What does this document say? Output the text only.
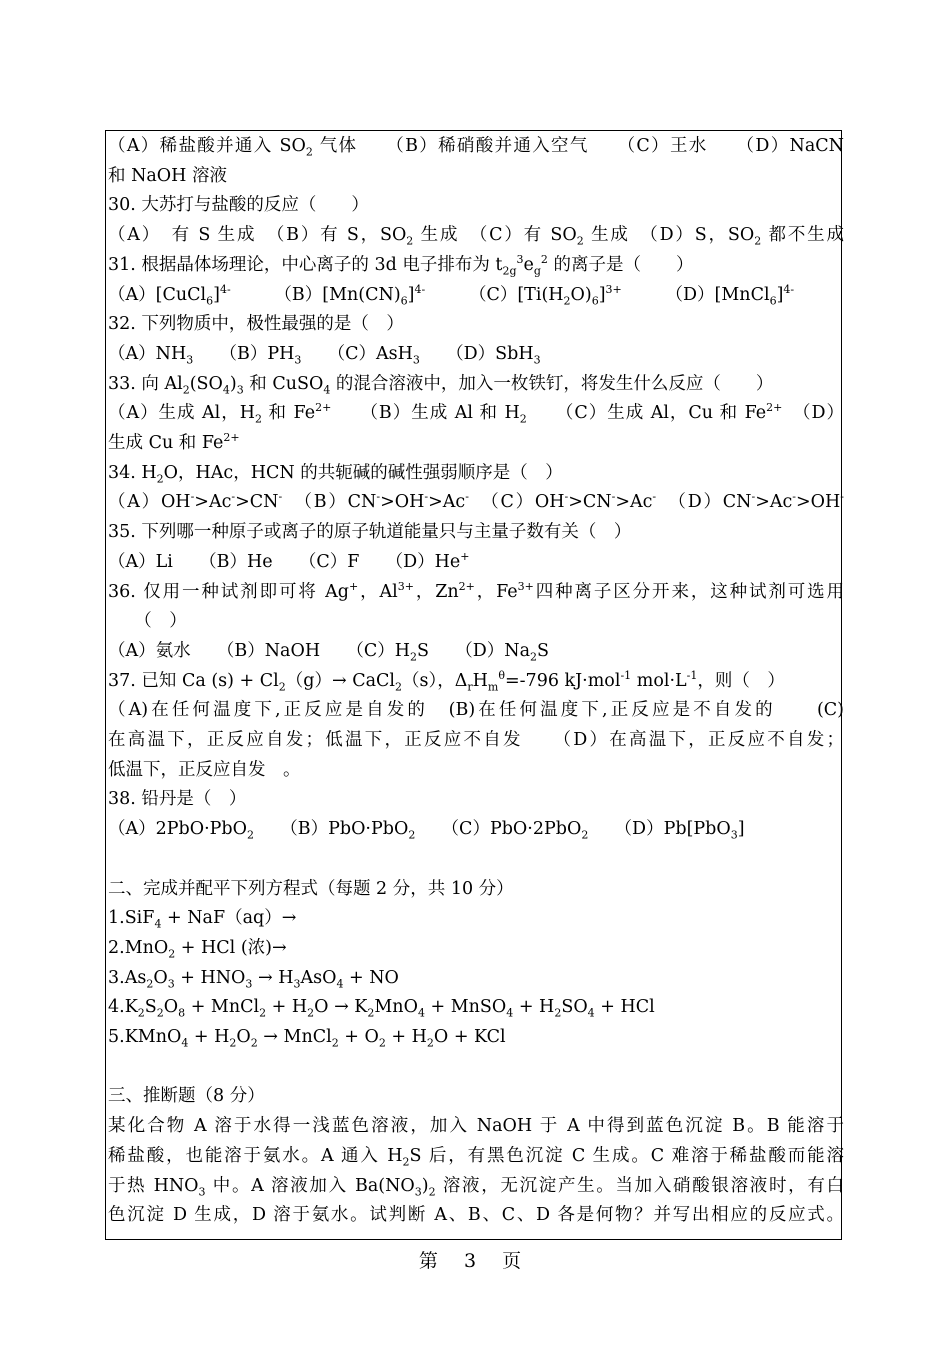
（A）稀盐酸并通入 $SO_2$ 气体　　（B）稀硝酸并通入空气　　（C）王水　　（D）NaCN
和 NaOH 溶液
30. 大苏打与盐酸的反应（　　）
（A）　有 S 生成　（B）有 S，$SO_2$ 生成　（C）有 $SO_2$ 生成　（D）S，$SO_2$ 都不生成
31. 根据晶体场理论，中心离子的 3d 电子排布为 $t_{2g}^3e_g^2$ 的离子是（　　）
（A）[CuCl$_6$]$^{4-}$　　　$(B)[Mn(CN)_6]^{4-}$　　　$(C)[Ti(H_2O)_6]^{3+}$　　　（D）[MnCl$_6$]$^{4-}$
32. 下列物质中，极性最强的是（　）
$(A)NH_3$　　$(B)PH_3$　　（C）AsH$_3$　　（D）SbH$_3$
33. 向 $Al_2(SO_4)_3$ 和 CuSO$_4$ 的混合溶液中，加入一枚铁钉，将发生什么反应（　　）
（A）生成 Al，$H_2$ 和 $Fe^{2+}$　　（B）生成 Al 和 $H_2$　　（C）生成 Al，Cu 和 $Fe^{2+}$　（D）
生成 Cu 和 $Fe^{2+}$
34. $H_2O$，HAc，HCN 的共轭碱的碱性强弱顺序是（　）
（A）OH->Ac->CN-　（B）CN->OH->Ac-　（C）OH->CN->Ac-　（D）CN->Ac->OH-
35. 下列哪一种原子或离子的原子轨道能量只与主量子数有关（　）
（A）Li　　（B）He　　（C）F　　（D）He+
36. 仅用一种试剂即可将 Ag+，$Al^{3+}$，$Zn^{2+}$，$Fe^{3+}$四种离子区分开来，这种试剂可选用
　　（　）
（A）氨水　　（B）NaOH　　$(C)H_2S$　　$(D)Na_2S$
37. 已知 Ca $(s) + Cl_2(g)\to$ CaCl$_2$（s），$\Delta_rH_m^\theta=-796$ kJ·mol$^{-1}$ $mol\cdot L^{-1}$，则（　）
（A)在任何温度下,正反应是自发的　(B)在任何温度下,正反应是不自发的　　(C)
在高温下，正反应自发；低温下，正反应不自发　　（D）在高温下，正反应不自发；
低温下，正反应自发　。
38. 铅丹是（　）
（A）2PbO·PbO$_2$　　（B）PbO·PbO$_2$　　（C）PbO·2PbO$_2$　　（D）Pb[PbO$_3$]
二、完成并配平下列方程式（每题 2 分，共 10 分）
1.SiF$_4$ + NaF（aq）→
2.MnO$_2$ + HCl (浓)→
$3.As_2O_3 + HNO_3 \to H_3AsO_4$ + NO
$4.K_2S_2O_8$ + MnCl$_2$ + $H_2O \to K_2MnO_4$ + MnSO$_4$ + $H_2SO_4$ + HCl
5.KMnO$_4$ + $H_2O_2$ → MnCl$_2$ + $O_2 + H_2O$ + KCl
三、推断题（8 分）
某化合物 A 溶于水得一浅蓝色溶液，加入 NaOH 于 A 中得到蓝色沉淀 B。B 能溶于
稀盐酸，也能溶于氨水。A 通入 $H_2S$ 后，有黑色沉淀 C 生成。C 难溶于稀盐酸而能溶
于热 $HNO_3$ 中。A 溶液加入 $Ba(NO_3)_2$ 溶液，无沉淀产生。当加入硝酸银溶液时，有白
色沉淀 D 生成，D 溶于氨水。试判断 A、B、C、D 各是何物？并写出相应的反应式。
第 3 页
